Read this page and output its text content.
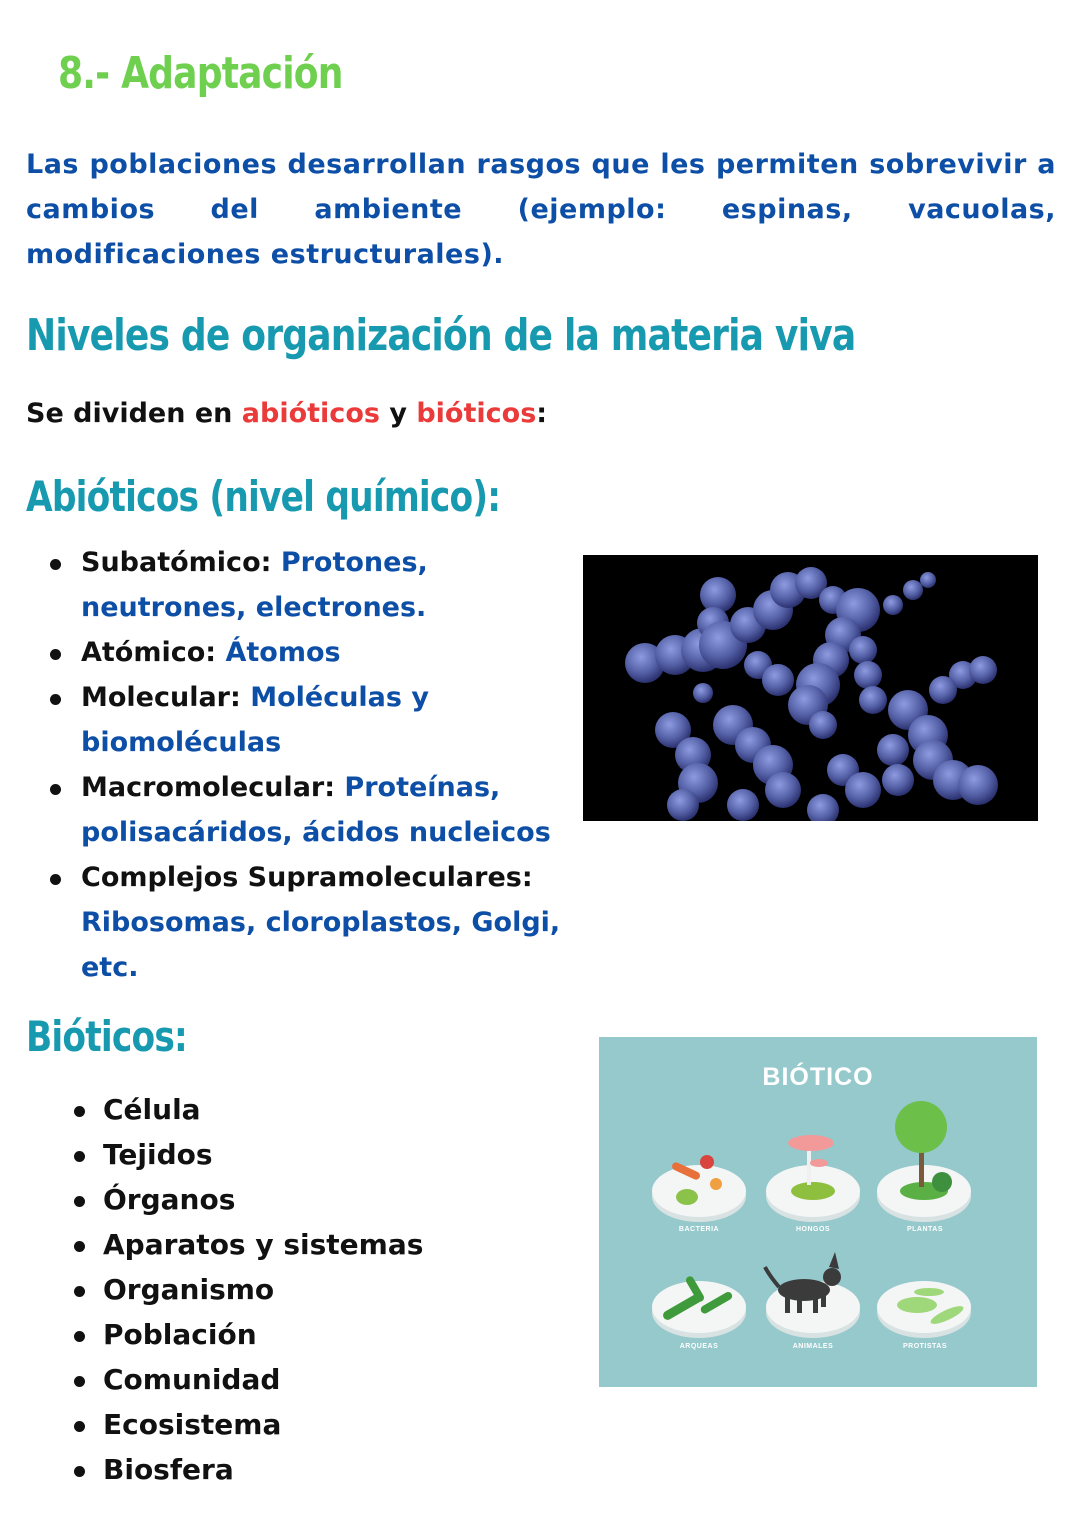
8.- Adaptación
Las poblaciones desarrollan rasgos que les permiten sobrevivir a cambios del ambiente (ejemplo: espinas, vacuolas, modificaciones estructurales).
Niveles de organización de la materia viva
Se dividen en abióticos y bióticos:
Abióticos (nivel químico):
Subatómico: Protones, neutrones, electrones.
Atómico: Átomos
Molecular: Moléculas y biomoléculas
Macromolecular: Proteínas, polisacáridos, ácidos nucleicos
Complejos Supramoleculares: Ribosomas, cloroplastos, Golgi, etc.
Bióticos:
Célula
Tejidos
Órganos
Aparatos y sistemas
Organismo
Población
Comunidad
Ecosistema
Biosfera
BIÓTICO
BACTERIA	HONGOS	PLANTAS
ARQUEAS	ANIMALES	PROTISTAS
